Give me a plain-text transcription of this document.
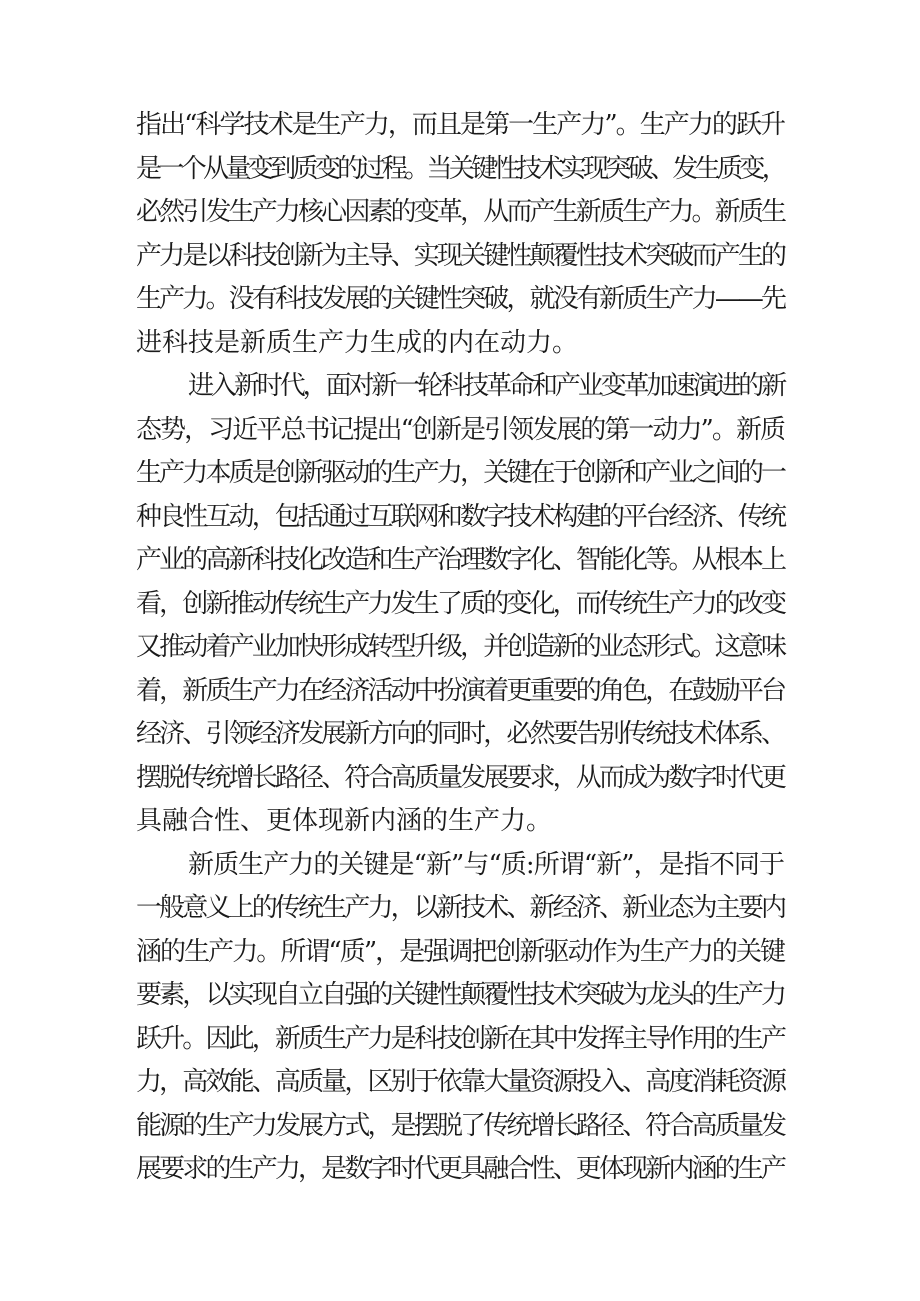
指出“科学技术是生产力，而且是第一生产力”。生产力的跃升
是一个从量变到质变的过程。当关键性技术实现突破、发生质变，
必然引发生产力核心因素的变革，从而产生新质生产力。新质生
产力是以科技创新为主导、实现关键性颠覆性技术突破而产生的
生产力。没有科技发展的关键性突破，就没有新质生产力——先
进科技是新质生产力生成的内在动力。
进入新时代，面对新一轮科技革命和产业变革加速演进的新
态势，习近平总书记提出“创新是引领发展的第一动力”。新质
生产力本质是创新驱动的生产力，关键在于创新和产业之间的一
种良性互动，包括通过互联网和数字技术构建的平台经济、传统
产业的高新科技化改造和生产治理数字化、智能化等。从根本上
看，创新推动传统生产力发生了质的变化，而传统生产力的改变
又推动着产业加快形成转型升级，并创造新的业态形式。这意味
着，新质生产力在经济活动中扮演着更重要的角色，在鼓励平台
经济、引领经济发展新方向的同时，必然要告别传统技术体系、
摆脱传统增长路径、符合高质量发展要求，从而成为数字时代更
具融合性、更体现新内涵的生产力。
新质生产力的关键是“新”与“质:所谓“新”，是指不同于
一般意义上的传统生产力，以新技术、新经济、新业态为主要内
涵的生产力。所谓“质”，是强调把创新驱动作为生产力的关键
要素，以实现自立自强的关键性颠覆性技术突破为龙头的生产力
跃升。因此，新质生产力是科技创新在其中发挥主导作用的生产
力，高效能、高质量，区别于依靠大量资源投入、高度消耗资源
能源的生产力发展方式，是摆脱了传统增长路径、符合高质量发
展要求的生产力，是数字时代更具融合性、更体现新内涵的生产
